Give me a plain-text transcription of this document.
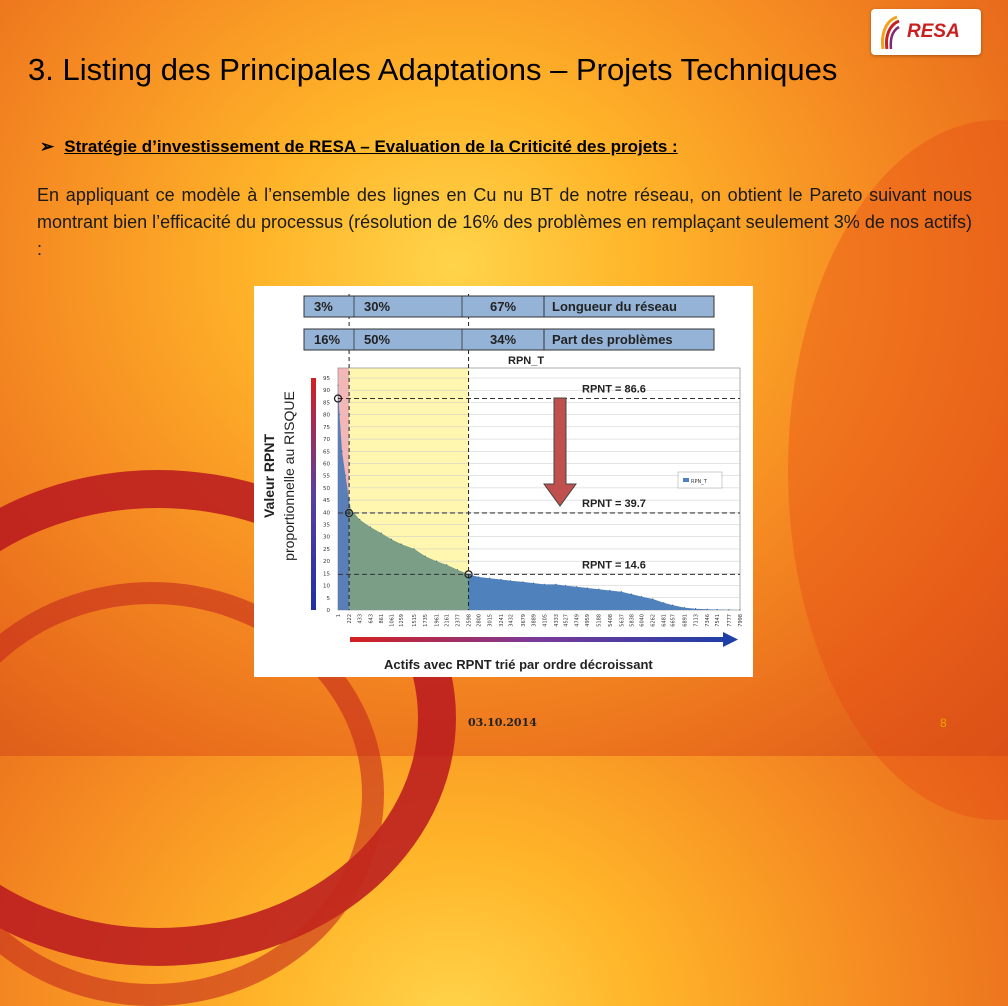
3. Listing des Principales Adaptations – Projets Techniques
RESA
➢ Stratégie d’investissement de RESA – Evaluation de la Criticité des projets :

En appliquant ce modèle à l’ensemble des lignes en Cu nu BT de notre réseau, on obtient le Pareto suivant nous montrant bien l’efficacité du processus (résolution de 16% des problèmes en remplaçant seulement 3% de nos actifs) :

0
5
10
15
20
25
30
35
40
45
50
55
60
65
70
75
80
85
90
95
RPNT = 86.6
RPNT = 39.7
RPNT = 14.6
RPN_T
RPN_T
3% 30%	67%	Longueur du réseau
16% 50%	34%	Part des problèmes
Valeur RPNT proportionnelle au RISQUE
1 222 433 643 861 1061 1259 1515 1735 1961 2161 2377 2598 2800 3015 3241 3432 3679 3889 4105 4333 4527 4749 4959 5188 5408 5637 5838 6040 6262 6481 6657 6891 7113 7346 7541 7777 7998
Actifs avec RPNT trié par ordre décroissant
03.10.2014	8
